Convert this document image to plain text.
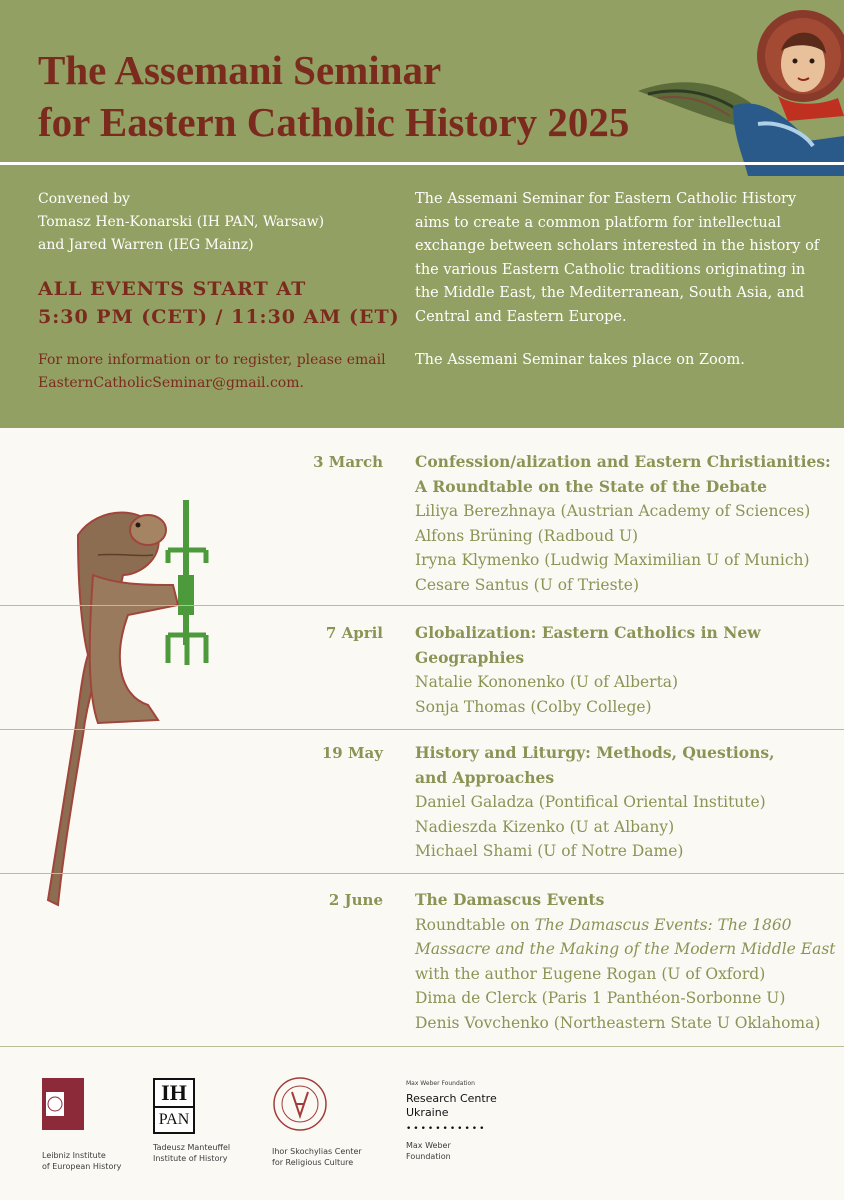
The Assemani Seminar
for Eastern Catholic History 2025
Convened by
Tomasz Hen-Konarski (IH PAN, Warsaw)
and Jared Warren (IEG Mainz)
ALL EVENTS START AT
5:30 PM (CET) / 11:30 AM (ET)
For more information or to register, please email
EasternCatholicSeminar@gmail.com.

The Assemani Seminar for Eastern Catholic History aims to create a common platform for intellectual exchange between scholars interested in the history of the various Eastern Catholic traditions originating in the Middle East, the Mediterranean, South Asia, and Central and Eastern Europe.

The Assemani Seminar takes place on Zoom.

3 March Confession/alization and Eastern Christianities:
A Roundtable on the State of the Debate
Liliya Berezhnaya (Austrian Academy of Sciences)
Alfons Brüning (Radboud U)
Iryna Klymenko (Ludwig Maximilian U of Munich)
Cesare Santus (U of Trieste)
7 April Globalization: Eastern Catholics in New
Geographies
Natalie Kononenko (U of Alberta)
Sonja Thomas (Colby College)
19 May History and Liturgy: Methods, Questions,
and Approaches
Daniel Galadza (Pontifical Oriental Institute)
Nadieszda Kizenko (U at Albany)
Michael Shami (U of Notre Dame)
2 June The Damascus Events
Roundtable on The Damascus Events: The 1860
Massacre and the Making of the Modern Middle East
with the author Eugene Rogan (U of Oxford)
Dima de Clerck (Paris 1 Panthéon-Sorbonne U)
Denis Vovchenko (Northeastern State U Oklahoma)
Leibniz Institute
of European History
IH
PAN
Tadeusz Manteuffel
Institute of History
Ihor Skochylias Center
for Religious Culture
Max Weber Foundation
Research Centre
Ukraine
•••••••••••
Max Weber
Foundation
